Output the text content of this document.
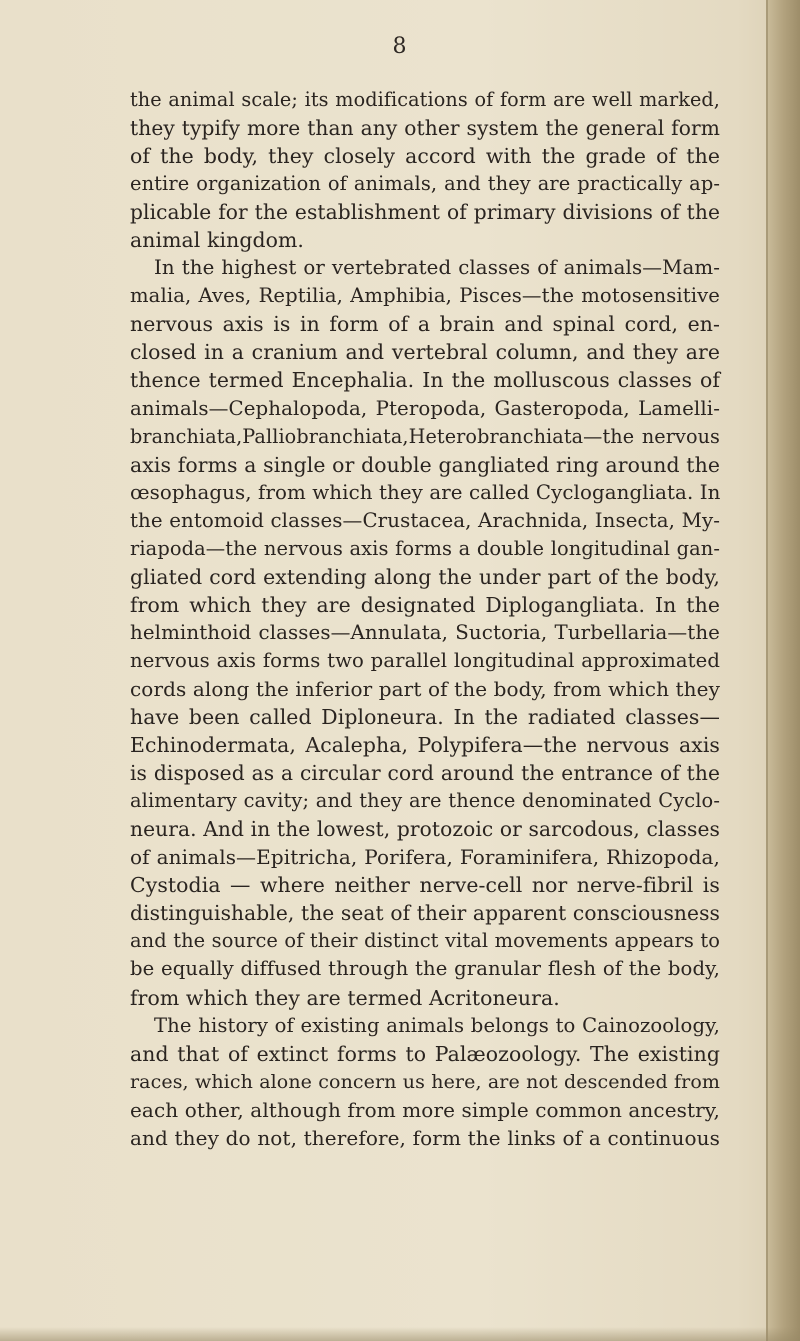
8
the animal scale; its modifications of form are well marked,
they typify more than any other system the general form
of the body, they closely accord with the grade of the
entire organization of animals, and they are practically ap-
plicable for the establishment of primary divisions of the
animal kingdom.
In the highest or vertebrated classes of animals—Mam-
malia, Aves, Reptilia, Amphibia, Pisces—the motosensitive
nervous axis is in form of a brain and spinal cord, en-
closed in a cranium and vertebral column, and they are
thence termed Encephalia. In the molluscous classes of
animals—Cephalopoda, Pteropoda, Gasteropoda, Lamelli-
branchiata,Palliobranchiata,Heterobranchiata—the nervous
axis forms a single or double gangliated ring around the
œsophagus, from which they are called Cyclogangliata. In
the entomoid classes—Crustacea, Arachnida, Insecta, My-
riapoda—the nervous axis forms a double longitudinal gan-
gliated cord extending along the under part of the body,
from which they are designated Diplogangliata. In the
helminthoid classes—Annulata, Suctoria, Turbellaria—the
nervous axis forms two parallel longitudinal approximated
cords along the inferior part of the body, from which they
have been called Diploneura. In the radiated classes—
Echinodermata, Acalepha, Polypifera—the nervous axis
is disposed as a circular cord around the entrance of the
alimentary cavity; and they are thence denominated Cyclo-
neura. And in the lowest, protozoic or sarcodous, classes
of animals—Epitricha, Porifera, Foraminifera, Rhizopoda,
Cystodia — where neither nerve-cell nor nerve-fibril is
distinguishable, the seat of their apparent consciousness
and the source of their distinct vital movements appears to
be equally diffused through the granular flesh of the body,
from which they are termed Acritoneura.
The history of existing animals belongs to Cainozoology,
and that of extinct forms to Palæozoology. The existing
races, which alone concern us here, are not descended from
each other, although from more simple common ancestry,
and they do not, therefore, form the links of a continuous
